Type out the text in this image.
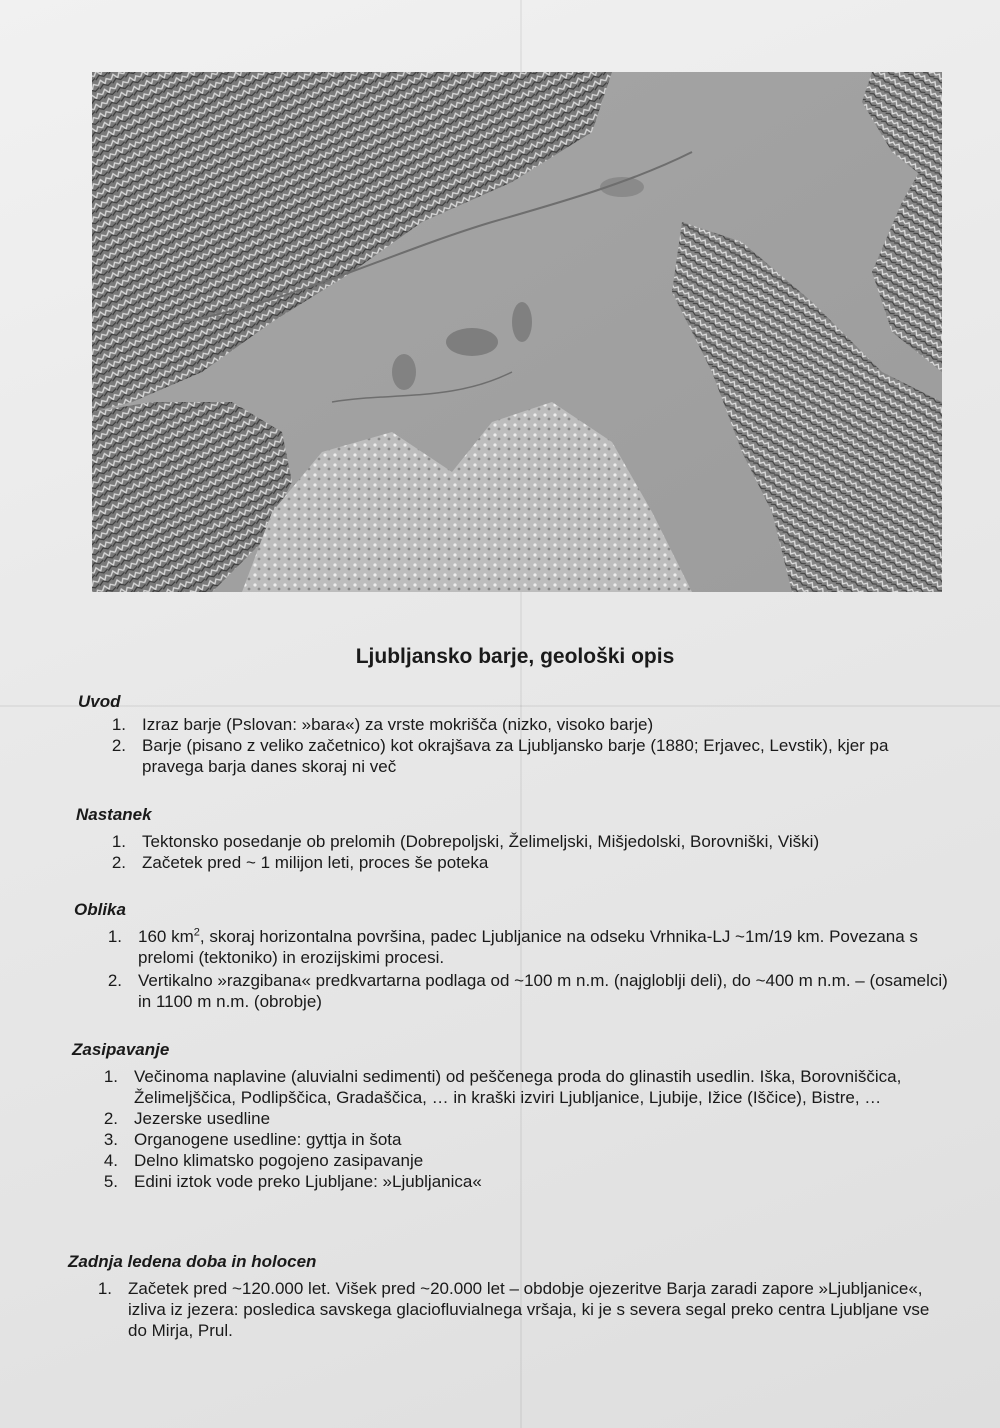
Ljubljansko barje, geološki opis
Uvod
1. Izraz barje (Pslovan: »bara«) za vrste mokrišča (nizko, visoko barje)
2. Barje (pisano z veliko začetnico) kot okrajšava za Ljubljansko barje (1880; Erjavec, Levstik), kjer pa pravega barja danes skoraj ni več
Nastanek
1. Tektonsko posedanje ob prelomih (Dobrepoljski, Želimeljski, Mišjedolski, Borovniški, Viški)
2. Začetek pred ~ 1 milijon leti, proces še poteka
Oblika
1. 160 $km^2$, skoraj horizontalna površina, padec Ljubljanice na odseku Vrhnika-LJ ~1m/19 km. Povezana s prelomi (tektoniko) in erozijskimi procesi.
2. Vertikalno »razgibana« predkvartarna podlaga od ~100 m n.m. (najgloblji deli), do ~400 m n.m. – (osamelci) in 1100 m n.m. (obrobje)
Zasipavanje
1. Večinoma naplavine (aluvialni sedimenti) od peščenega proda do glinastih usedlin. Iška, Borovniščica, Želimeljščica, Podlipščica, Gradaščica, … in kraški izviri Ljubljanice, Ljubije, Ižice (Iščice), Bistre, …
2. Jezerske usedline
3. Organogene usedline: gyttja in šota
4. Delno klimatsko pogojeno zasipavanje
5. Edini iztok vode preko Ljubljane: »Ljubljanica«
Zadnja ledena doba in holocen
1. Začetek pred ~120.000 let. Višek pred ~20.000 let – obdobje ojezeritve Barja zaradi zapore »Ljubljanice«, izliva iz jezera: posledica savskega glaciofluvialnega vršaja, ki je s severa segal preko centra Ljubljane vse do Mirja, Prul.
